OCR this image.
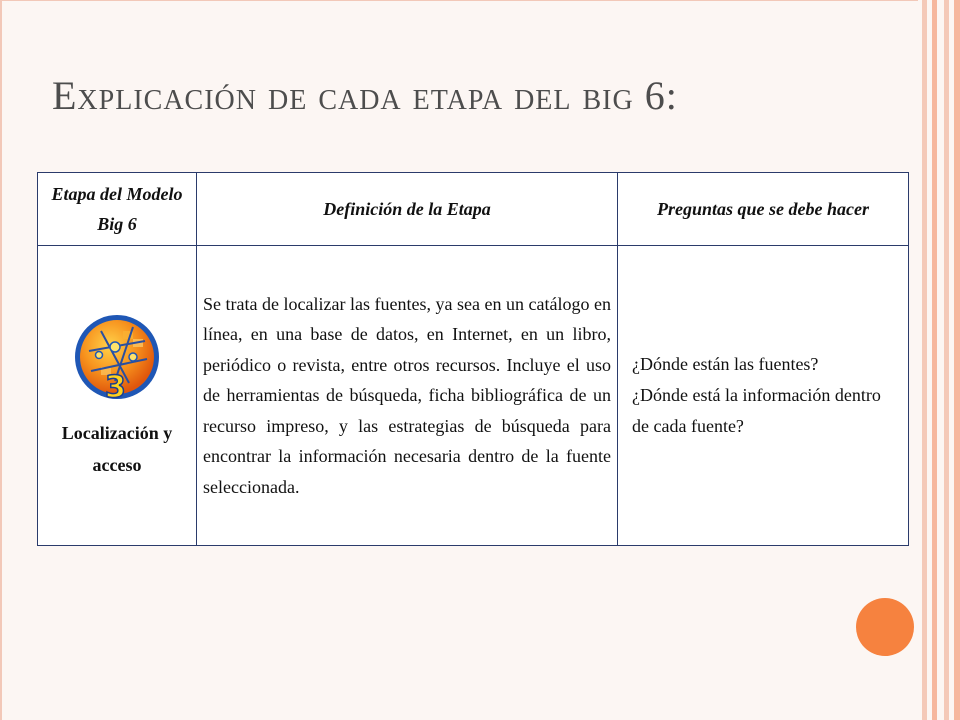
Explicación de cada etapa del big 6:
Etapa del Modelo Big 6	Definición de la Etapa	Preguntas que se debe hacer

3
Localización y acceso	Se trata de localizar las fuentes, ya sea en un catálogo en línea, en una base de datos, en Internet, en un libro, periódico o revista, entre otros recursos. Incluye el uso de herramientas de búsqueda, ficha bibliográfica de un recurso impreso, y las estrategias de búsqueda para encontrar la información necesaria dentro de la fuente seleccionada.	¿Dónde están las fuentes?
¿Dónde está la información dentro de cada fuente?
